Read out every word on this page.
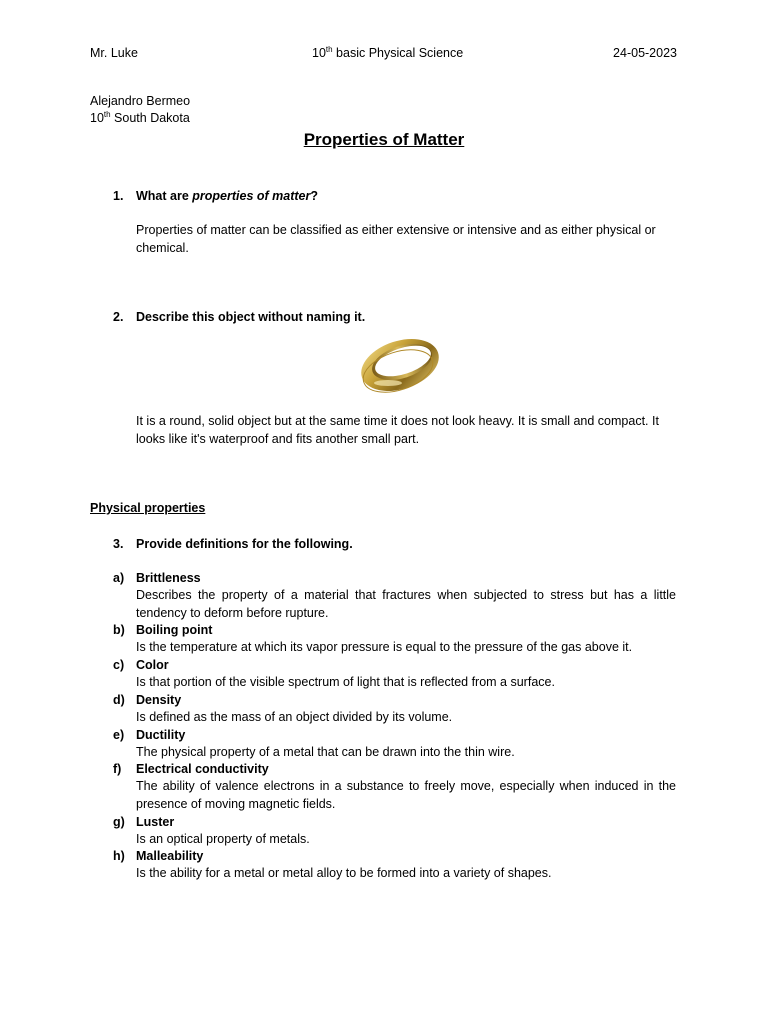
Mr. Luke	10th basic Physical Science	24-05-2023
Alejandro Bermeo
10th South Dakota
Properties of Matter
1. What are properties of matter?
Properties of matter can be classified as either extensive or intensive and as either physical or chemical.
2. Describe this object without naming it.
It is a round, solid object but at the same time it does not look heavy. It is small and compact. It looks like it's waterproof and fits another small part.
Physical properties
3. Provide definitions for the following.
a) Brittleness
Describes the property of a material that fractures when subjected to stress but has a little tendency to deform before rupture.
b) Boiling point
Is the temperature at which its vapor pressure is equal to the pressure of the gas above it.
c) Color
Is that portion of the visible spectrum of light that is reflected from a surface.
d) Density
Is defined as the mass of an object divided by its volume.
e) Ductility
The physical property of a metal that can be drawn into the thin wire.
f) Electrical conductivity
The ability of valence electrons in a substance to freely move, especially when induced in the presence of moving magnetic fields.
g) Luster
Is an optical property of metals.
h) Malleability
Is the ability for a metal or metal alloy to be formed into a variety of shapes.
